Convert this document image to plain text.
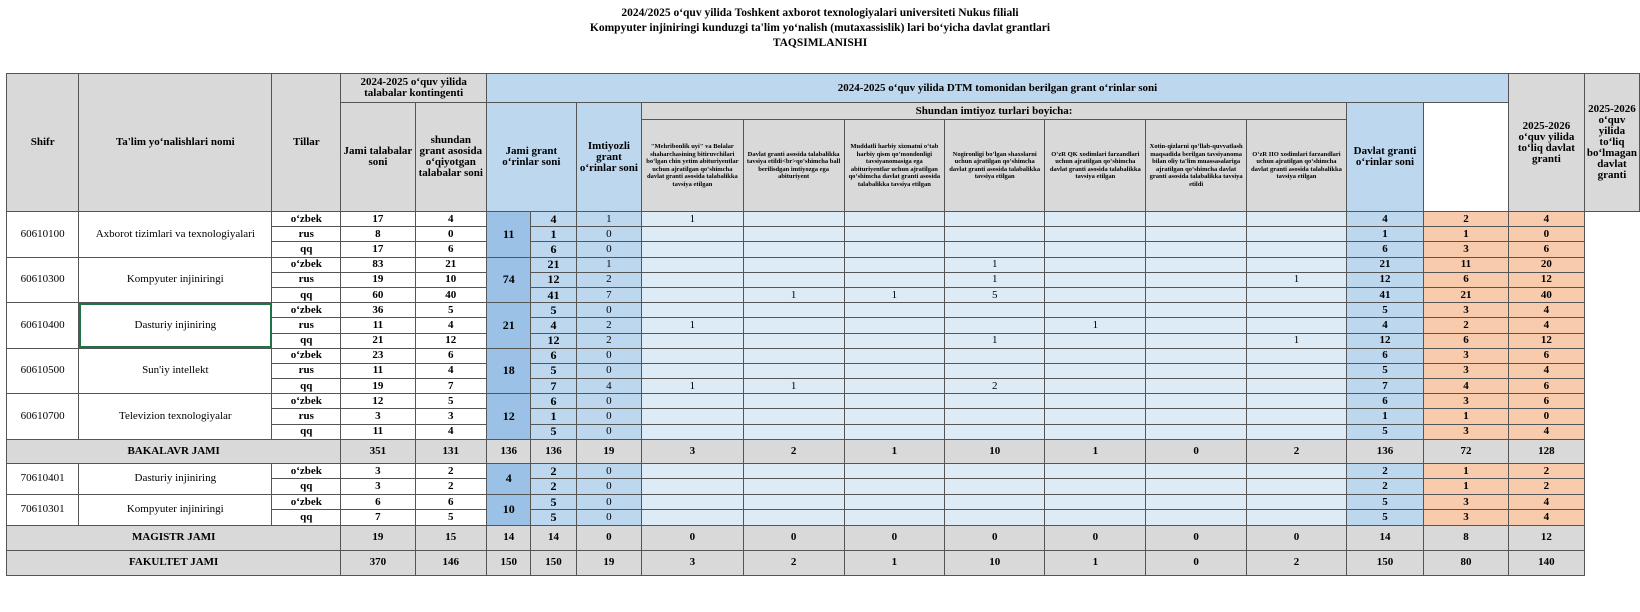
2024/2025 oʻquv yilida Toshkent axborot texnologiyalari universiteti Nukus filiali
Kompyuter injiniringi kunduzgi ta'lim yoʻnalish (mutaxassislik) lari boʻyicha davlat grantlari
TAQSIMLANISHI
Shifr	Ta'lim yoʻnalishlari nomi	Tillar	2024-2025 oʻquv yilida talabalar kontingenti		2024-2025 oʻquv yilida DTM tomonidan berilgan grant oʻrinlar soni												2025-2026 oʻquv yilida toʻliq davlat granti	2025-2026 oʻquv yilida toʻliq boʻlmagan davlat granti
			Jami talabalar soni	shundan grant asosida oʻqiyotgan talabalar soni	Jami grant oʻrinlar soni		Imtiyozli grant oʻrinlar soni	Shundan imtiyoz turlari boyicha:							Davlat granti oʻrinlar soni			
								"Mehribonlik uyi" va Bolalar shaharchasining bitiruvchilari boʻlgan chin yetim abituriyentlar uchun ajratilgan qoʻshimcha davlat granti asosida talabalikka tavsiya etilgan	Davlat granti asosida talabalikka tavsiya etildi<br>qoʻshimcha ball berilisdgan imtiyozga ega abituriyent	Muddatli harbiy xizmatni oʻtab harbiy qism qoʻmondonligi tavsiyanomasiga ega abituriyentlar uchun ajratilgan qoʻshimcha davlat granti asosida talabalikka tavsiya etilgan	Nogironligi boʻlgan shaxslarni uchun ajratilgan qoʻshimcha davlat granti asosida talabalikka tavsiya etilgan	OʻzR QK xodimlari farzandlari uchun ajratilgan qoʻshimcha davlat granti asosida talabalikka tavsiya etilgan	Xotin-qizlarni qoʻllab-quvvatlash maqsadida berilgan tavsiyanoma bilan oliy ta'lim muassasalariga ajratilgan qoʻshimcha davlat granti asosida talabalikka tavsiya etildi	OʻzR IIO xodimlari farzandlari uchun ajratilgan qoʻshimcha davlat granti asosida talabalikka tavsiya etilgan				
60610100	Axborot tizimlari va texnologiyalari	oʻzbek	17	4	11	4	1	1							4	2	4	
		rus	8	0		1	0								1	1	0	
		qq	17	6		6	0								6	3	6	
60610300	Kompyuter injiniringi	oʻzbek	83	21	74	21	1				1				21	11	20	
		rus	19	10		12	2				1			1	12	6	12	
		qq	60	40		41	7		1	1	5				41	21	40	
60610400	Dasturiy injiniring	oʻzbek	36	5	21	5	0								5	3	4	
		rus	11	4		4	2	1				1			4	2	4	
		qq	21	12		12	2				1			1	12	6	12	
60610500	Sun'iy intellekt	oʻzbek	23	6	18	6	0								6	3	6	
		rus	11	4		5	0								5	3	4	
		qq	19	7		7	4	1	1		2				7	4	6	
60610700	Televizion texnologiyalar	oʻzbek	12	5	12	6	0								6	3	6	
		rus	3	3		1	0								1	1	0	
		qq	11	4		5	0								5	3	4	
BAKALAVR JAMI			351	131	136	136	19	3	2	1	10	1	0	2	136	72	128	
70610401	Dasturiy injiniring	oʻzbek	3	2	4	2	0								2	1	2	
		qq	3	2		2	0								2	1	2	
70610301	Kompyuter injiniringi	oʻzbek	6	6	10	5	0								5	3	4	
		qq	7	5		5	0								5	3	4	
MAGISTR JAMI			19	15	14	14	0	0	0	0	0	0	0	0	14	8	12	
FAKULTET JAMI			370	146	150	150	19	3	2	1	10	1	0	2	150	80	140	
